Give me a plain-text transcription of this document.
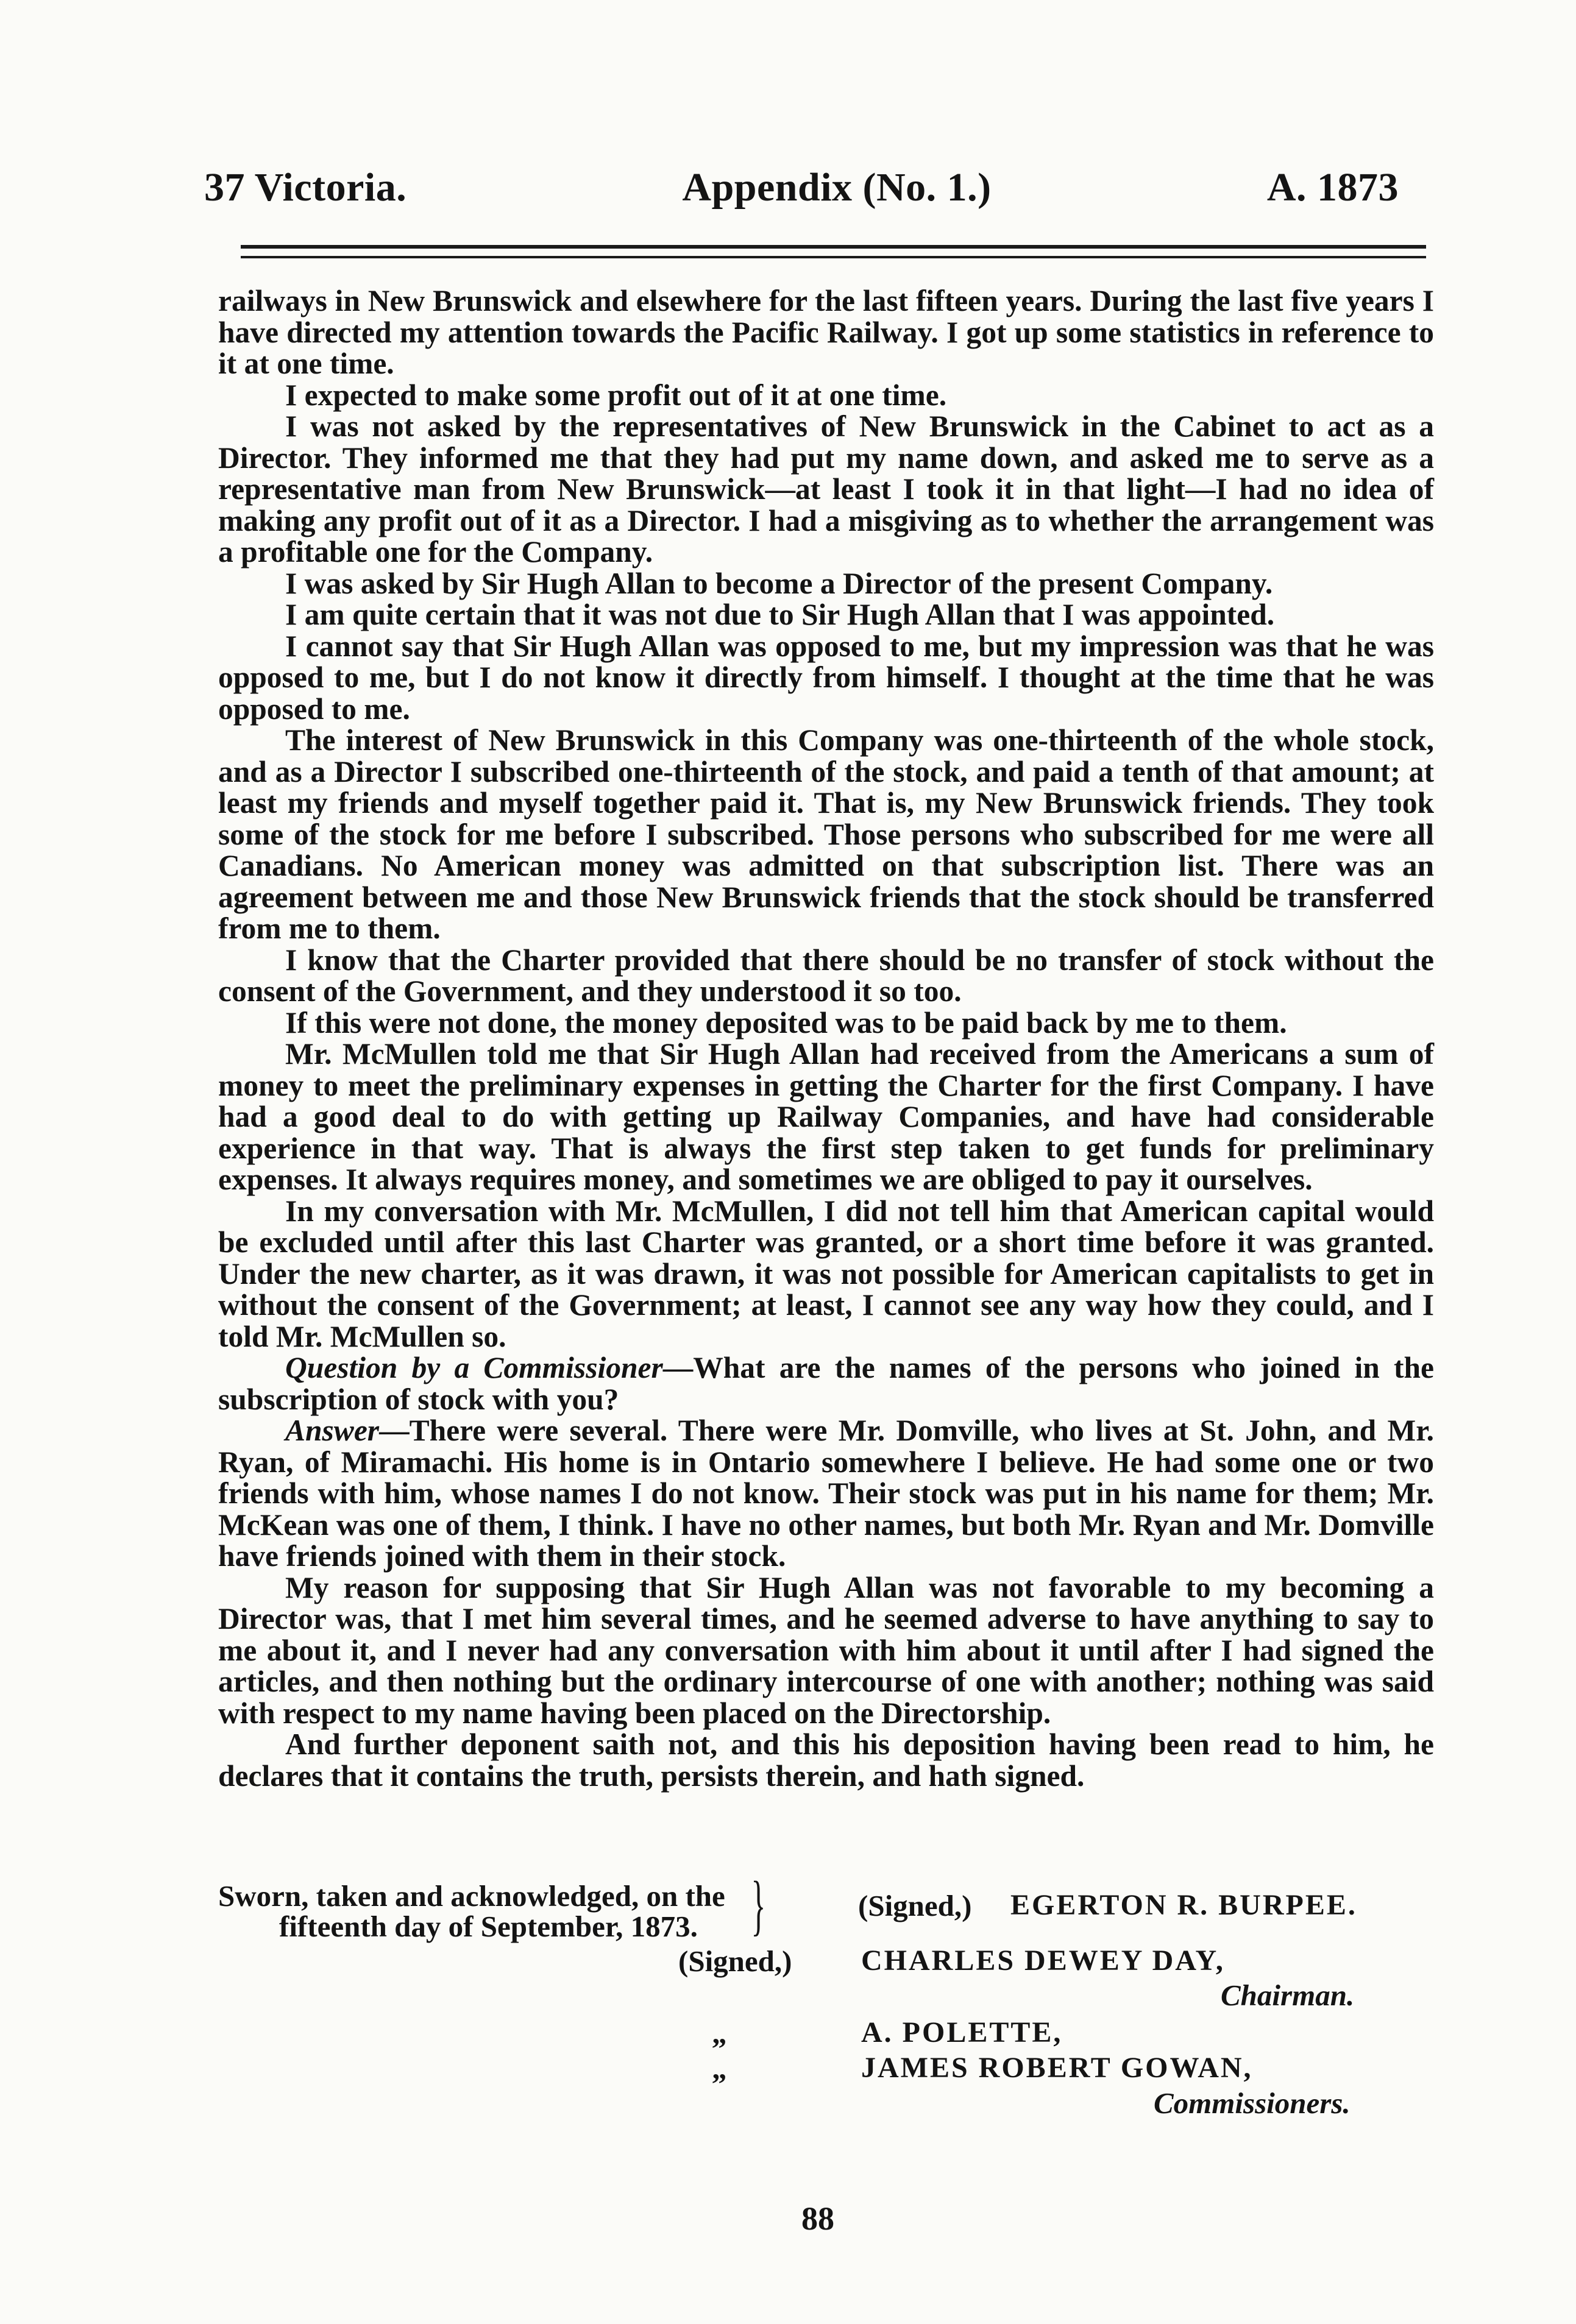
37 Victoria.	Appendix (No. 1.)	A. 1873

railways in New Brunswick and elsewhere for the last fifteen years. During the last five years I have directed my attention towards the Pacific Railway. I got up some statistics in reference to it at one time.

I expected to make some profit out of it at one time.

I was not asked by the representatives of New Brunswick in the Cabinet to act as a Director. They informed me that they had put my name down, and asked me to serve as a representative man from New Brunswick—at least I took it in that light—I had no idea of making any profit out of it as a Director. I had a misgiving as to whether the arrangement was a profitable one for the Company.

I was asked by Sir Hugh Allan to become a Director of the present Company.

I am quite certain that it was not due to Sir Hugh Allan that I was appointed.

I cannot say that Sir Hugh Allan was opposed to me, but my impression was that he was opposed to me, but I do not know it directly from himself. I thought at the time that he was opposed to me.

The interest of New Brunswick in this Company was one-thirteenth of the whole stock, and as a Director I subscribed one-thirteenth of the stock, and paid a tenth of that amount; at least my friends and myself together paid it. That is, my New Brunswick friends. They took some of the stock for me before I subscribed. Those persons who subscribed for me were all Canadians. No American money was admitted on that subscription list. There was an agreement between me and those New Brunswick friends that the stock should be transferred from me to them.

I know that the Charter provided that there should be no transfer of stock without the consent of the Government, and they understood it so too.

If this were not done, the money deposited was to be paid back by me to them.

Mr. McMullen told me that Sir Hugh Allan had received from the Americans a sum of money to meet the preliminary expenses in getting the Charter for the first Company. I have had a good deal to do with getting up Railway Companies, and have had considerable experience in that way. That is always the first step taken to get funds for preliminary expenses. It always requires money, and sometimes we are obliged to pay it ourselves.

In my conversation with Mr. McMullen, I did not tell him that American capital would be excluded until after this last Charter was granted, or a short time before it was granted. Under the new charter, as it was drawn, it was not possible for American capitalists to get in without the consent of the Government; at least, I cannot see any way how they could, and I told Mr. McMullen so.

Question by a Commissioner—What are the names of the persons who joined in the subscription of stock with you?

Answer—There were several. There were Mr. Domville, who lives at St. John, and Mr. Ryan, of Miramachi. His home is in Ontario somewhere I believe. He had some one or two friends with him, whose names I do not know. Their stock was put in his name for them; Mr. McKean was one of them, I think. I have no other names, but both Mr. Ryan and Mr. Domville have friends joined with them in their stock.

My reason for supposing that Sir Hugh Allan was not favorable to my becoming a Director was, that I met him several times, and he seemed adverse to have anything to say to me about it, and I never had any conversation with him about it until after I had signed the articles, and then nothing but the ordinary intercourse of one with another; nothing was said with respect to my name having been placed on the Directorship.

And further deponent saith not, and this his deposition having been read to him, he declares that it contains the truth, persists therein, and hath signed.

Sworn, taken and acknowledged, on the
fifteenth day of September, 1873. }	(Signed,) EGERTON R. BURPEE.
(Signed,) CHARLES DEWEY DAY,
Chairman.
„	A. POLETTE,
„	JAMES ROBERT GOWAN,
Commissioners.
88
